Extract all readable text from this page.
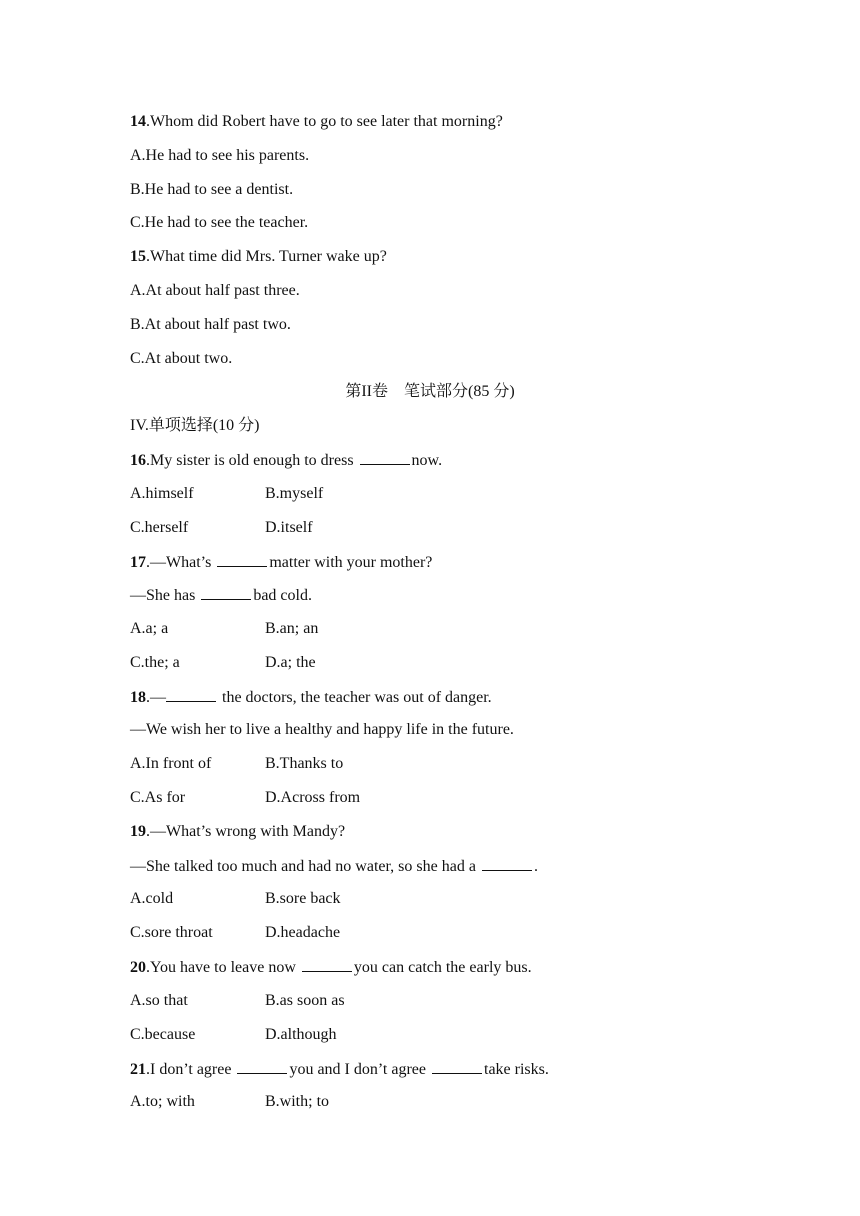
14.Whom did Robert have to go to see later that morning?
A.He had to see his parents.
B.He had to see a dentist.
C.He had to see the teacher.
15.What time did Mrs. Turner wake up?
A.At about half past three.
B.At about half past two.
C.At about two.
第II卷　笔试部分(85 分)
IV.单项选择(10 分)
16.My sister is old enough to dress	now.
A.himself	B.myself
C.herself	D.itself
17.—What’s	matter with your mother?
—She has	bad cold.
A.a; a	B.an; an
C.the; a	D.a; the
18.—	the doctors, the teacher was out of danger.
—We wish her to live a healthy and happy life in the future.
A.In front of	B.Thanks to
C.As for	D.Across from
19.—What’s wrong with Mandy?
—She talked too much and had no water, so she had a	.
A.cold	B.sore back
C.sore throat	D.headache
20.You have to leave now	you can catch the early bus.
A.so that	B.as soon as
C.because	D.although
21.I don’t agree	you and I don’t agree	take risks.
A.to; with	B.with; to
